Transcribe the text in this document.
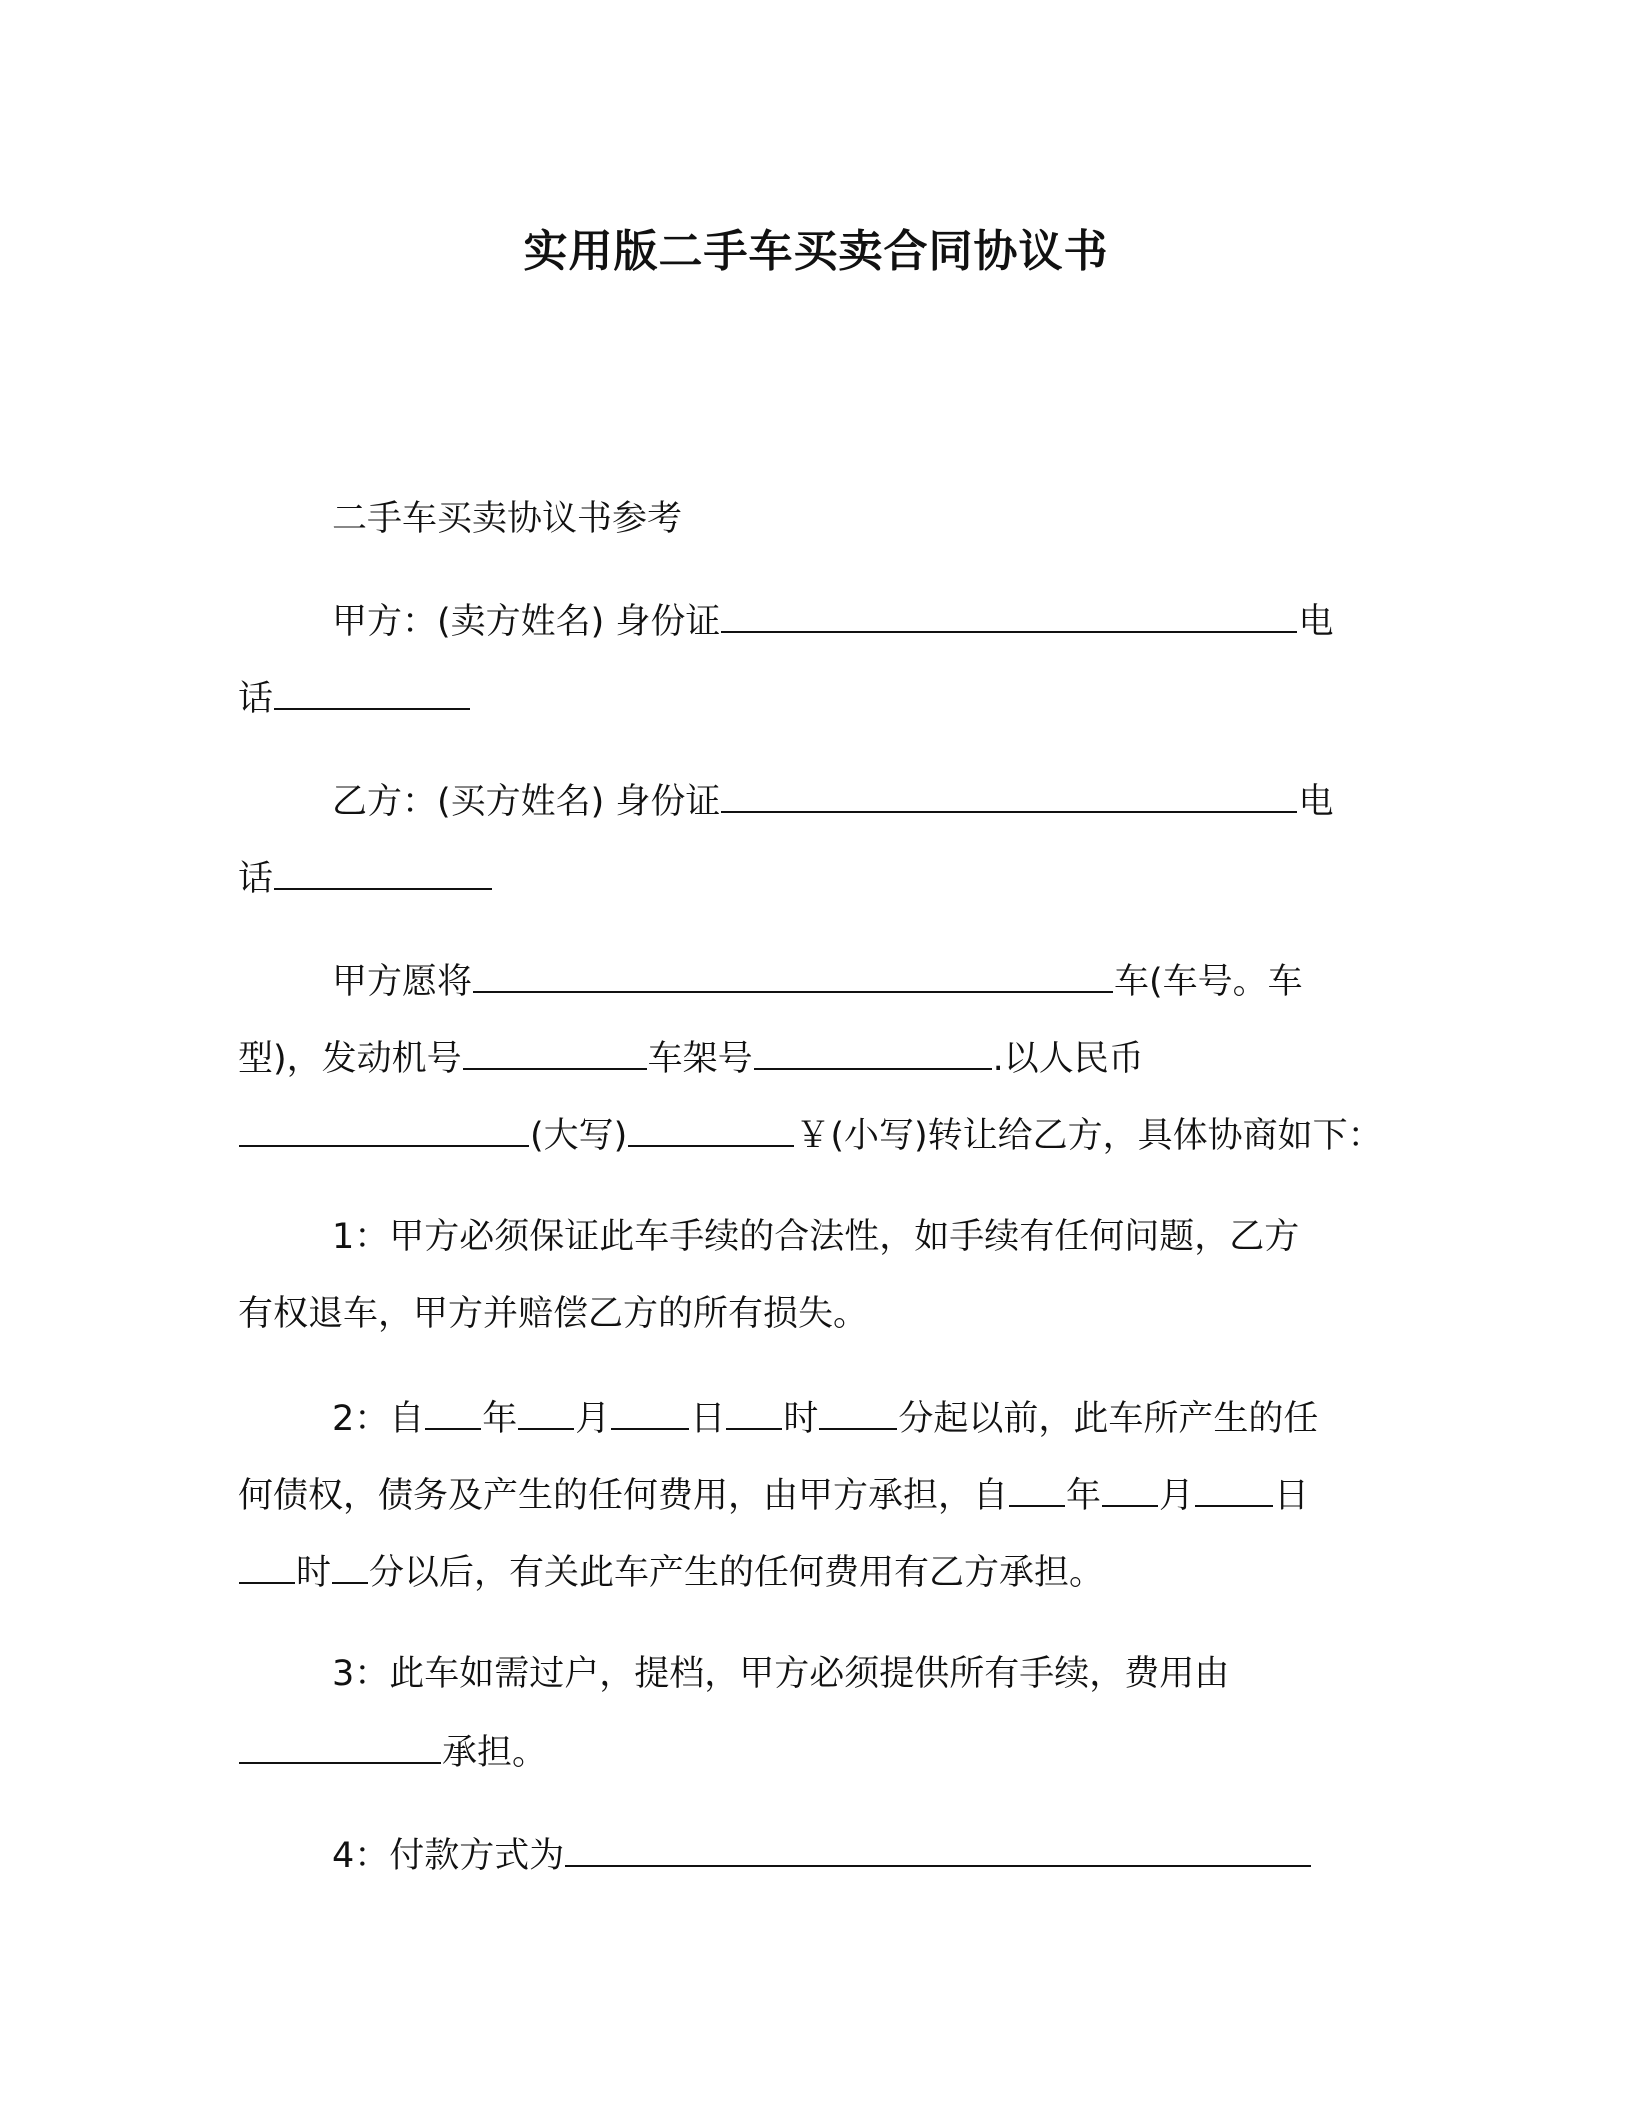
实用版二手车买卖合同协议书
二手车买卖协议书参考
甲方：(卖方姓名) 身份证	电
话
乙方：(买方姓名) 身份证	电
话
甲方愿将	车(车号。车
型)，发动机号	车架号	.以人民币
(大写)	￥(小写)转让给乙方，具体协商如下：
1：甲方必须保证此车手续的合法性，如手续有任何问题，乙方
有权退车，甲方并赔偿乙方的所有损失。
2：自 年 月 日 时 分起以前，此车所产生的任
何债权，债务及产生的任何费用，由甲方承担，自 年 月 日
时 分以后，有关此车产生的任何费用有乙方承担。
3：此车如需过户，提档，甲方必须提供所有手续，费用由
承担。
4：付款方式为
